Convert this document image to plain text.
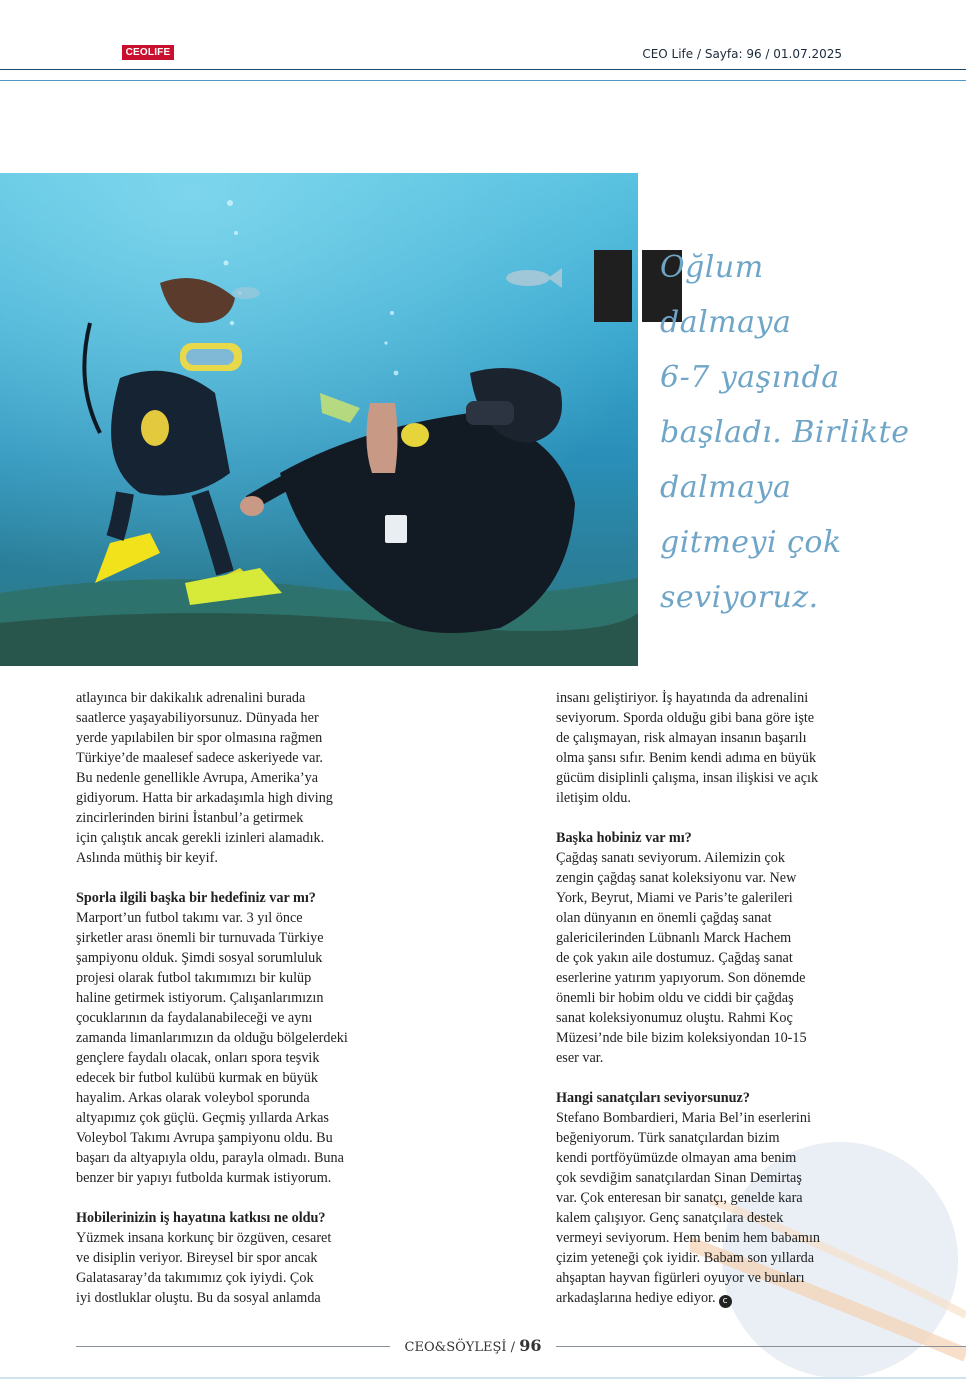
CEOLIFE	CEO Life / Sayfa: 96 / 01.07.2025
Oğlum
dalmaya
6-7 yaşında
başladı. Birlikte
dalmaya
gitmeyi çok
seviyoruz.
atlayınca bir dakikalık adrenalini burada
saatlerce yaşayabiliyorsunuz. Dünyada her
yerde yapılabilen bir spor olmasına rağmen
Türkiye’de maalesef sadece askeriyede var.
Bu nedenle genellikle Avrupa, Amerika’ya
gidiyorum. Hatta bir arkadaşımla high diving
zincirlerinden birini İstanbul’a getirmek
için çalıştık ancak gerekli izinleri alamadık.
Aslında müthiş bir keyif.
Sporla ilgili başka bir hedefiniz var mı?
Marport’un futbol takımı var. 3 yıl önce
şirketler arası önemli bir turnuvada Türkiye
şampiyonu olduk. Şimdi sosyal sorumluluk
projesi olarak futbol takımımızı bir kulüp
haline getirmek istiyorum. Çalışanlarımızın
çocuklarının da faydalanabileceği ve aynı
zamanda limanlarımızın da olduğu bölgelerdeki
gençlere faydalı olacak, onları spora teşvik
edecek bir futbol kulübü kurmak en büyük
hayalim. Arkas olarak voleybol sporunda
altyapımız çok güçlü. Geçmiş yıllarda Arkas
Voleybol Takımı Avrupa şampiyonu oldu. Bu
başarı da altyapıyla oldu, parayla olmadı. Buna
benzer bir yapıyı futbolda kurmak istiyorum.
Hobilerinizin iş hayatına katkısı ne oldu?
Yüzmek insana korkunç bir özgüven, cesaret
ve disiplin veriyor. Bireysel bir spor ancak
Galatasaray’da takımımız çok iyiydi. Çok
iyi dostluklar oluştu. Bu da sosyal anlamda
insanı geliştiriyor. İş hayatında da adrenalini
seviyorum. Sporda olduğu gibi bana göre işte
de çalışmayan, risk almayan insanın başarılı
olma şansı sıfır. Benim kendi adıma en büyük
gücüm disiplinli çalışma, insan ilişkisi ve açık
iletişim oldu.
Başka hobiniz var mı?
Çağdaş sanatı seviyorum. Ailemizin çok
zengin çağdaş sanat koleksiyonu var. New
York, Beyrut, Miami ve Paris’te galerileri
olan dünyanın en önemli çağdaş sanat
galericilerinden Lübnanlı Marck Hachem
de çok yakın aile dostumuz. Çağdaş sanat
eserlerine yatırım yapıyorum. Son dönemde
önemli bir hobim oldu ve ciddi bir çağdaş
sanat koleksiyonumuz oluştu. Rahmi Koç
Müzesi’nde bile bizim koleksiyondan 10-15
eser var.
Hangi sanatçıları seviyorsunuz?
Stefano Bombardieri, Maria Bel’in eserlerini
beğeniyorum. Türk sanatçılardan bizim
kendi portföyümüzde olmayan ama benim
çok sevdiğim sanatçılardan Sinan Demirtaş
var. Çok enteresan bir sanatçı, genelde kara
kalem çalışıyor. Genç sanatçılara destek
vermeyi seviyorum. Hem benim hem babamın
çizim yeteneği çok iyidir. Babam son yıllarda
ahşaptan hayvan figürleri oyuyor ve bunları
arkadaşlarına hediye ediyor. c
CEO&SÖYLEŞİ / 96
